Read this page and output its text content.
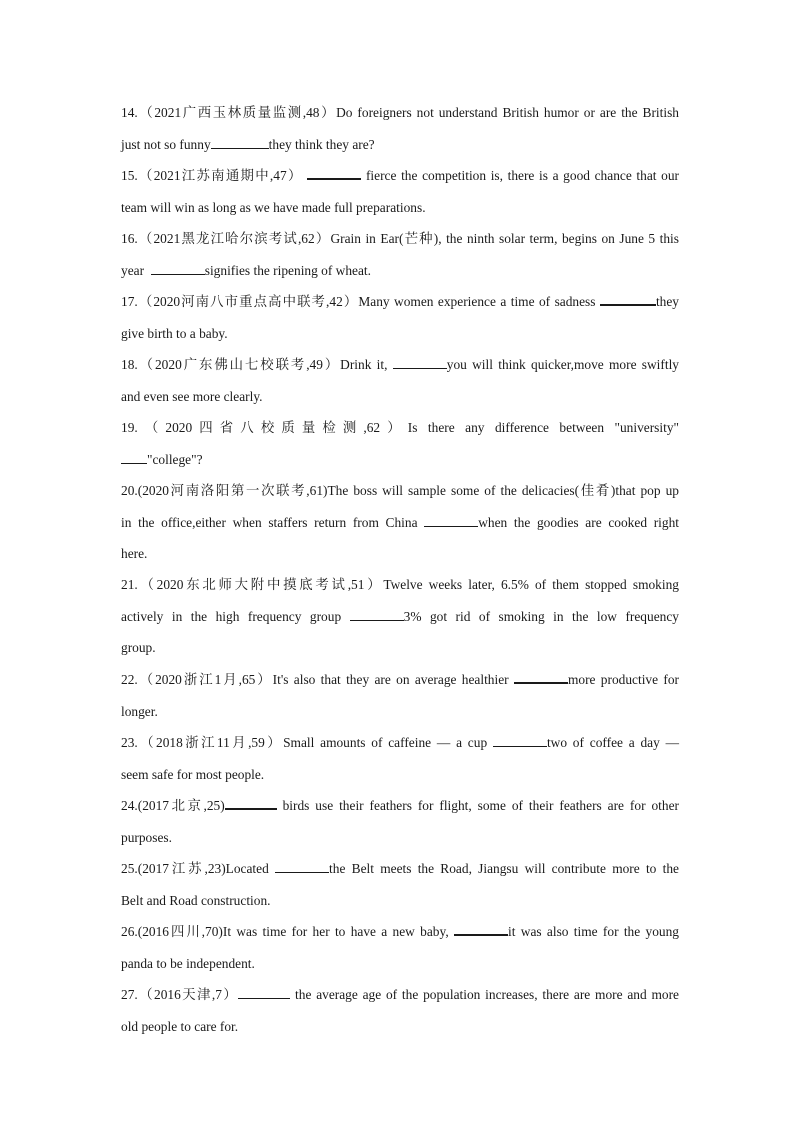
14.（2021广西玉林质量监测,48）Do foreigners not understand British humor or are the British
just not so funny	they think they are?
15.（2021江苏南通期中,47）	fierce the competition is, there is a good chance that our
team will win as long as we have made full preparations.
16.（2021黑龙江哈尔滨考试,62）Grain in Ear(芒种), the ninth solar term, begins on June 5 this
year	signifies the ripening of wheat.
17.（2020河南八市重点高中联考,42）Many women experience a time of sadness	they
give birth to a baby.
18.（2020广东佛山七校联考,49）Drink it,	you will think quicker,move more swiftly
and even see more clearly.
19.（2020四省八校质量检测,62）Is there any difference between "university"
"college"?
20.(2020河南洛阳第一次联考,61)The boss will sample some of the delicacies(佳肴)that pop up
in the office,either when staffers return from China	when the goodies are cooked right
here.
21.（2020东北师大附中摸底考试,51）Twelve weeks later, 6.5% of them stopped smoking
actively in the high frequency group	3% got rid of smoking in the low frequency
group.
22.（2020浙江1月,65）It's also that they are on average healthier	more productive for
longer.
23.（2018浙江11月,59）Small amounts of caffeine — a cup	two of coffee a day —
seem safe for most people.
24.(2017北京,25)	birds use their feathers for flight, some of their feathers are for other
purposes.
25.(2017江苏,23)Located	the Belt meets the Road, Jiangsu will contribute more to the
Belt and Road construction.
26.(2016四川,70)It was time for her to have a new baby,	it was also time for the young
panda to be independent.
27.（2016天津,7）	the average age of the population increases, there are more and more
old people to care for.
